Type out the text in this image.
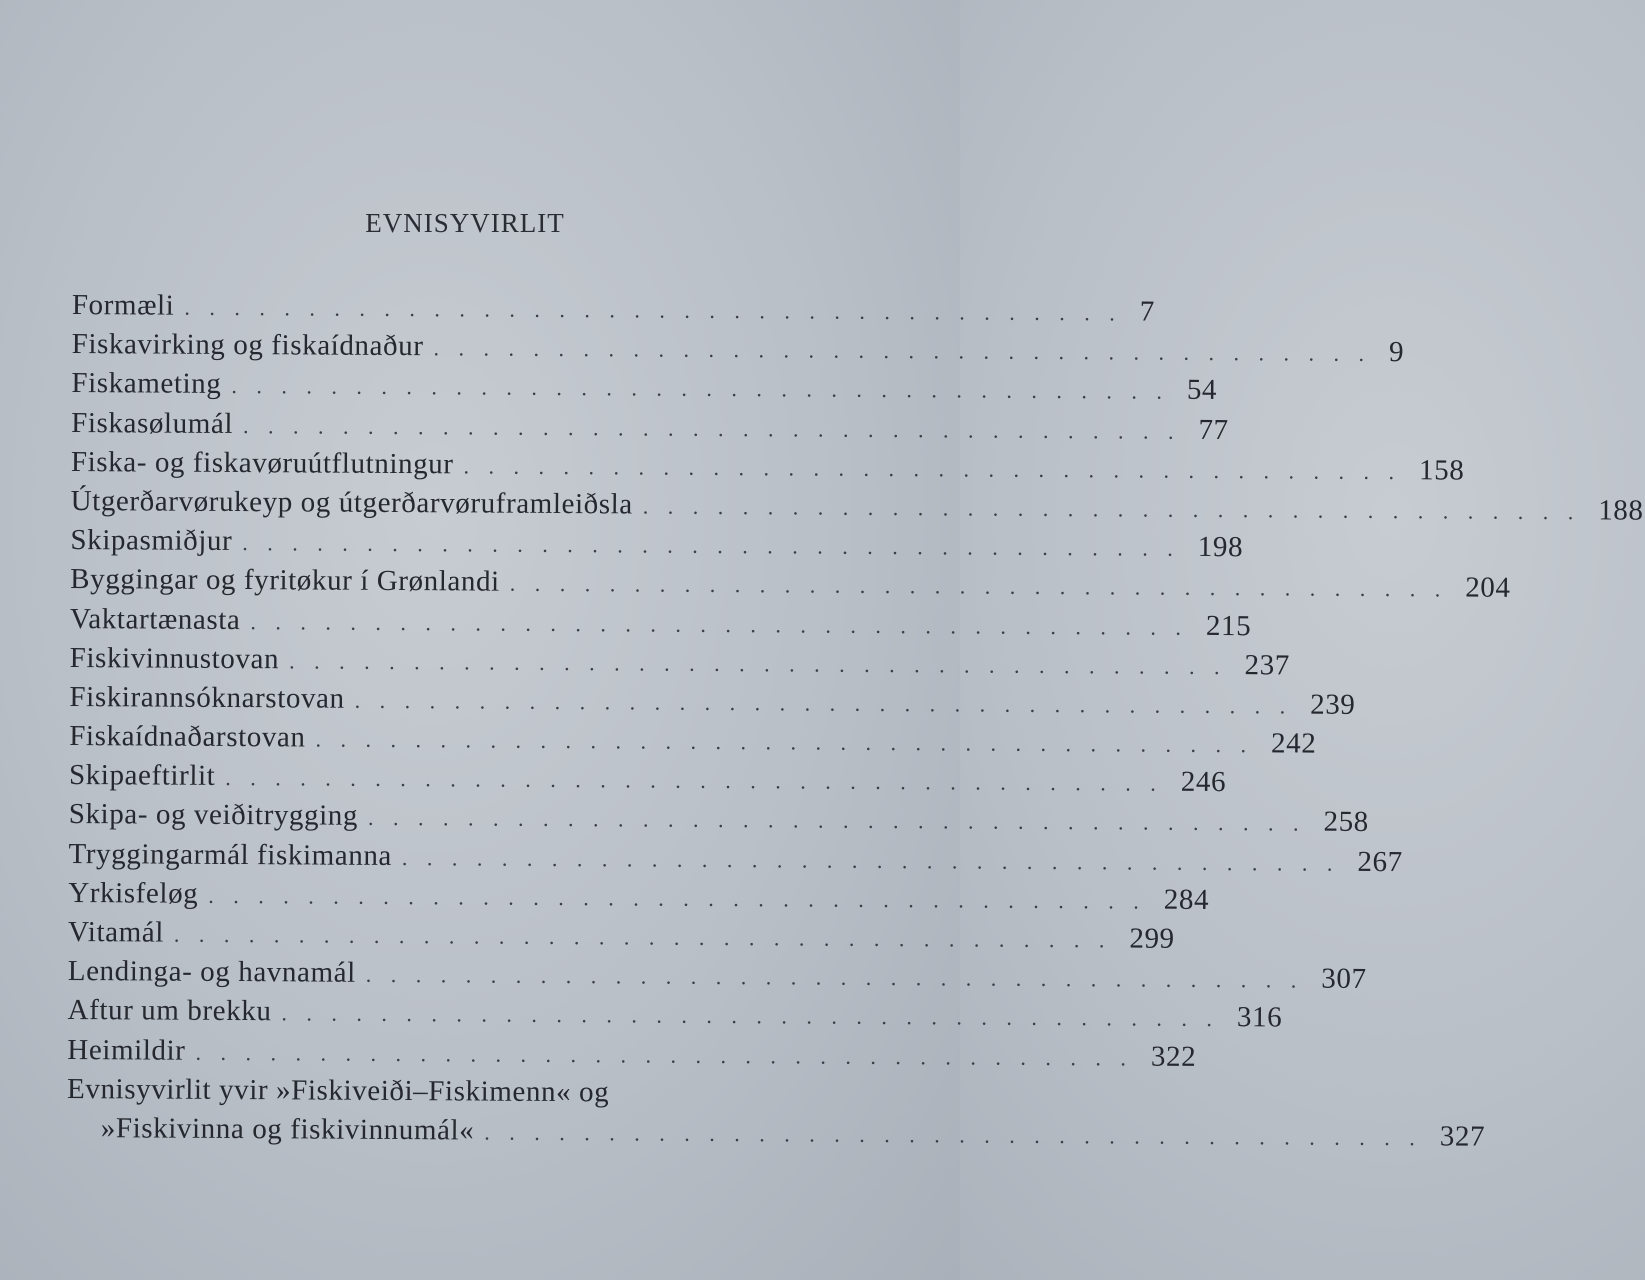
EVNISYVIRLIT
Formæli . . . . . . . . . . . . . . . . . . . . . . . . . . . . . . . . . . . . . . 7
Fiskavirking og fiskaídnaður . . . . . . . . . . . . . . . . . . . . . . . . . . . . . . . . . . . . . . 9
Fiskameting . . . . . . . . . . . . . . . . . . . . . . . . . . . . . . . . . . . . . . 54
Fiskasølumál . . . . . . . . . . . . . . . . . . . . . . . . . . . . . . . . . . . . . . 77
Fiska- og fiskavøruútflutningur . . . . . . . . . . . . . . . . . . . . . . . . . . . . . . . . . . . . . . 158
Útgerðarvørukeyp og útgerðarvøruframleiðsla . . . . . . . . . . . . . . . . . . . . . . . . . . . . . . . . . . . . . . 188
Skipasmiðjur . . . . . . . . . . . . . . . . . . . . . . . . . . . . . . . . . . . . . . 198
Byggingar og fyritøkur í Grønlandi . . . . . . . . . . . . . . . . . . . . . . . . . . . . . . . . . . . . . . 204
Vaktartænasta . . . . . . . . . . . . . . . . . . . . . . . . . . . . . . . . . . . . . . 215
Fiskivinnustovan . . . . . . . . . . . . . . . . . . . . . . . . . . . . . . . . . . . . . . 237
Fiskirannsóknarstovan . . . . . . . . . . . . . . . . . . . . . . . . . . . . . . . . . . . . . . 239
Fiskaídnaðarstovan . . . . . . . . . . . . . . . . . . . . . . . . . . . . . . . . . . . . . . 242
Skipaeftirlit . . . . . . . . . . . . . . . . . . . . . . . . . . . . . . . . . . . . . . 246
Skipa- og veiðitrygging . . . . . . . . . . . . . . . . . . . . . . . . . . . . . . . . . . . . . . 258
Tryggingarmál fiskimanna . . . . . . . . . . . . . . . . . . . . . . . . . . . . . . . . . . . . . . 267
Yrkisfeløg . . . . . . . . . . . . . . . . . . . . . . . . . . . . . . . . . . . . . . 284
Vitamál . . . . . . . . . . . . . . . . . . . . . . . . . . . . . . . . . . . . . . 299
Lendinga- og havnamál . . . . . . . . . . . . . . . . . . . . . . . . . . . . . . . . . . . . . . 307
Aftur um brekku . . . . . . . . . . . . . . . . . . . . . . . . . . . . . . . . . . . . . . 316
Heimildir . . . . . . . . . . . . . . . . . . . . . . . . . . . . . . . . . . . . . . 322
Evnisyvirlit yvir »Fiskiveiði–Fiskimenn« og
»Fiskivinna og fiskivinnumál« . . . . . . . . . . . . . . . . . . . . . . . . . . . . . . . . . . . . . . 327
